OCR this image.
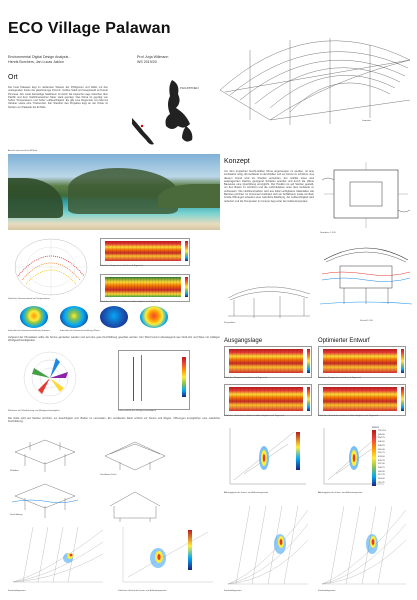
ECO Village Palawan
Environmental Digital Design Analysis -
Henrik Borchers, Jan Lucas Jablon
Prof. Anja Willmann
WS 2019/20
Isometrie
Ort
Die Insel Palawan liegt im äußersten Westen der Philippinen und bildet mit den umliegenden Inseln die gleichnamige Provinz. Größte Stadt und Hauptstadt ist Puerto Princesa. Der meist kleinteilige Stadtraum ist durch die tropische Lage zwischen dem Pazifik und dem Südchinesischen Meer stark geprägt. Das Klima ist geprägt von hohen Temperaturen und hoher Luftfeuchtigkeit. Es gibt eine Regenzeit von Mai bis Oktober sowie eine Trockenzeit. Der Standort des Projektes liegt an der Küste im Norden von Palawan bei El Nido.
PHILIPPINEN
Ansicht einer Insel bei El Nido
Jährlicher Sonnenverlauf mit Temperaturen
Jährlicher Temperaturverlauf nach Tageszeit
Jährlicher Verlauf der relativen Luftfeuchtigkeit nach Tageszeit
Intensität der Sonneneinstrahlung Sommer	Intensität der Sonneneinstrahlung Winter
Aufgrund der Klimadaten sollte die Sonne gemieden werden und auf eine gute Durchlüftung geachtet werden. Der Wind kommt überwiegend aus Nord-Ost und West mit mäßigen Windgeschwindigkeiten.
Windrose mit Windrichtung und Windgeschwindigkeit	Jahresverlauf der Windgeschwindigkeit
Die Hütte wird auf Stelzen errichtet, um Feuchtigkeit vom Boden zu vermeiden. Ein ventiliertes Dach schützt vor Sonne und Regen, Öffnungen ermöglichen eine natürliche Durchlüftung.
Pfahlbau
Ventiliertes Dach
Durchlüftung
Komfortdiagramm	Jährlicher Verlauf der Innen- zur Außentemperatur
Konzept
Um dem tropischen feucht-heißen Klima angemessen zu werden, ist eine Architektur nötig, die Gebäude zu durchlüften und vor Sonne zu schützen. Aus diesem Grund wird ein Pavillon entworfen, der mithilfe eines weit auskragenden Daches genügend Schatten spendet und durch die offene Bauweise eine Querlüftung ermöglicht. Der Pavillon ist auf Stelzen gestellt, um den Boden zu schützen und die Luftzirkulation unter dem Gebäude zu verbessern. Die Holzkonstruktion wird aus lokal verfügbaren Materialien wie Bambus errichtet. Im Innenraum befinden sich ein Schlafraum sowie ein Bad. Große Öffnungen erlauben eine natürliche Belüftung, die Luftfeuchtigkeit wird reduziert und die Temperatur im Inneren liegt unter der Außentemperatur.
Grundriss 1:100
Schnitt 1:100
Perspektive
Ausgangslage
Jährlicher Temperaturverlauf nach Tageszeit
Jährlicher Verlauf der relativen Luftfeuchtigkeit nach Tageszeit
Abhängigkeit der Innen- zur Außentemperatur
Komfortdiagramm
Optimierter Entwurf
Jährlicher Temperaturverlauf nach Tageszeit
Jährlicher Verlauf der relativen Luftfeuchtigkeit nach Tageszeit
Hours
791.251
743.00
694.75
646.50
598.25
550.00
501.75
453.50
405.25
357.00
308.75
260.50
212.25
164.00
115.75
Abhängigkeit der Innen- zur Außentemperatur
Komfortdiagramm
